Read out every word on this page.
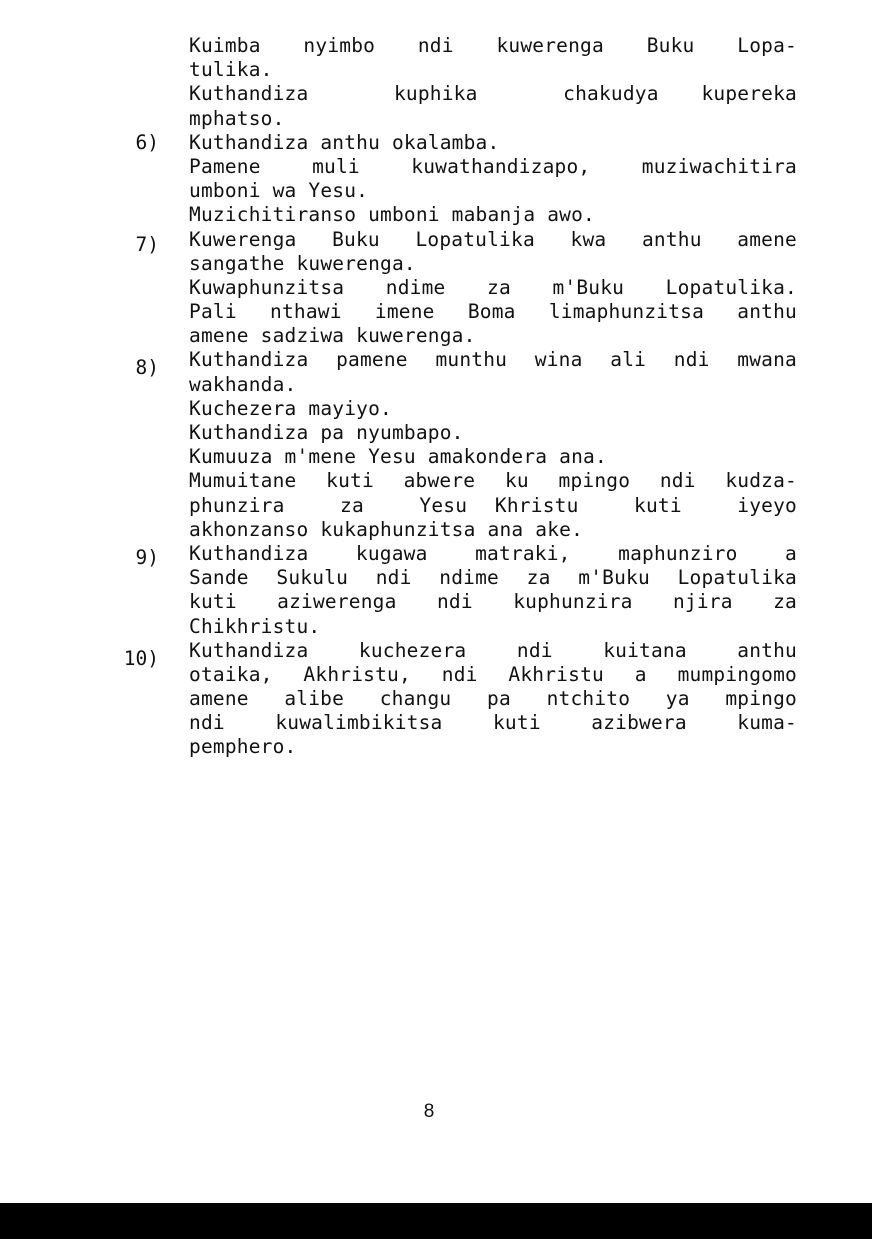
6)
7)
8)
9)
10)
Kuimba nyimbo ndi kuwerenga Buku Lopa-
tulika.
Kuthandiza  kuphika  chakudya kupereka
mphatso.
Kuthandiza anthu okalamba.
Pamene muli kuwathandizapo, muziwachitira
umboni wa Yesu.
Muzichitiranso umboni mabanja awo.
Kuwerenga Buku Lopatulika kwa anthu amene
sangathe kuwerenga.
Kuwaphunzitsa ndime za m'Buku Lopatulika.
Pali nthawi imene Boma limaphunzitsa anthu
amene sadziwa kuwerenga.
Kuthandiza pamene munthu wina ali ndi mwana
wakhanda.
Kuchezera mayiyo.
Kuthandiza pa nyumbapo.
Kumuuza m'mene Yesu amakondera ana.
Mumuitane kuti abwere ku mpingo ndi kudza-
phunzira  za  Yesu Khristu  kuti  iyeyo
akhonzanso kukaphunzitsa ana ake.
Kuthandiza kugawa matraki, maphunziro a
Sande Sukulu ndi ndime za m'Buku Lopatulika
kuti aziwerenga ndi kuphunzira njira za
Chikhristu.
Kuthandiza kuchezera ndi kuitana anthu
otaika, Akhristu, ndi Akhristu a mumpingomo
amene alibe changu pa ntchito ya mpingo
ndi kuwalimbikitsa kuti azibwera kuma-
pemphero.
8
